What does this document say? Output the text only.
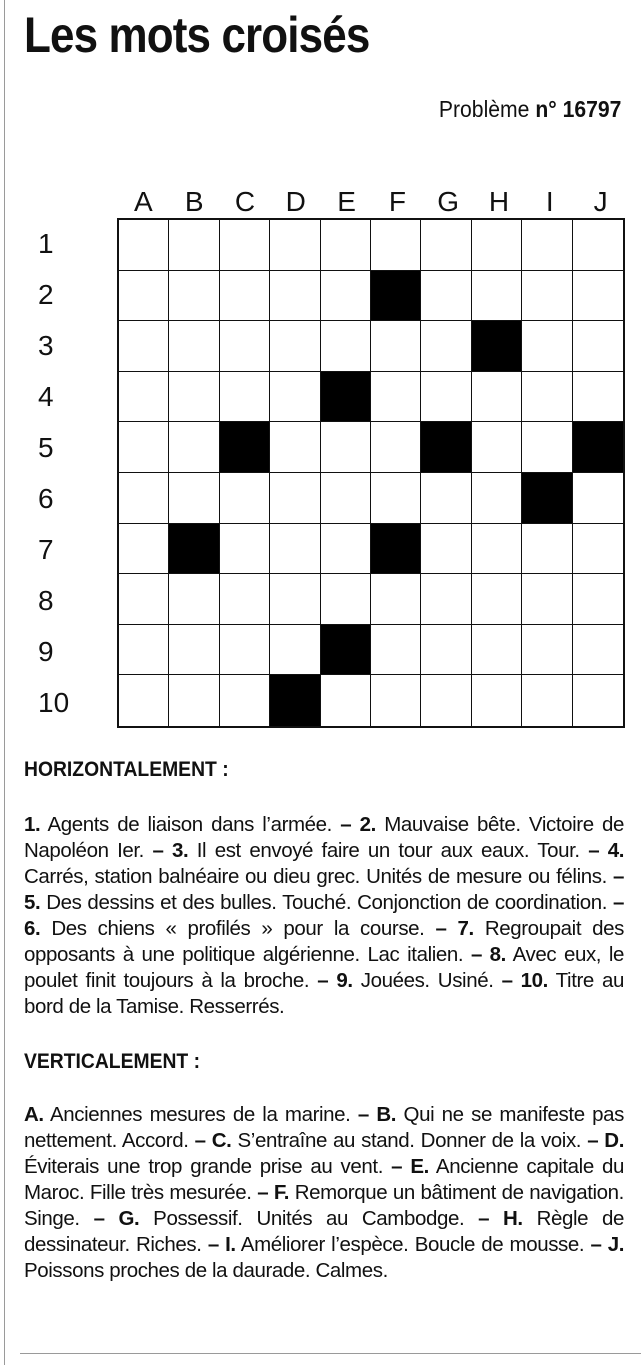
Les mots croisés
Problème n° 16797
A	B	C	D	E	F	G	H	I	J
1
2
3
4
5
6
7
8
9
10
HORIZONTALEMENT :
1. Agents de liaison dans l’armée. – 2. Mauvaise bête. Victoire de Napoléon Ier. – 3. Il est envoyé faire un tour aux eaux. Tour. – 4. Carrés, station balnéaire ou dieu grec. Unités de mesure ou félins. – 5. Des dessins et des bulles. Touché. Conjonction de coordination. – 6. Des chiens « profilés » pour la course. – 7. Regroupait des opposants à une politique algérienne. Lac italien. – 8. Avec eux, le poulet finit toujours à la broche. – 9. Jouées. Usiné. – 10. Titre au bord de la Tamise. Resserrés.
VERTICALEMENT :
A. Anciennes mesures de la marine. – B. Qui ne se manifeste pas nettement. Accord. – C. S’entraîne au stand. Donner de la voix. – D. Éviterais une trop grande prise au vent. – E. Ancienne capitale du Maroc. Fille très mesurée. – F. Remorque un bâtiment de navigation. Singe. – G. Possessif. Unités au Cambodge. – H. Règle de dessinateur. Riches. – I. Améliorer l’espèce. Boucle de mousse. – J. Poissons proches de la daurade. Calmes.
